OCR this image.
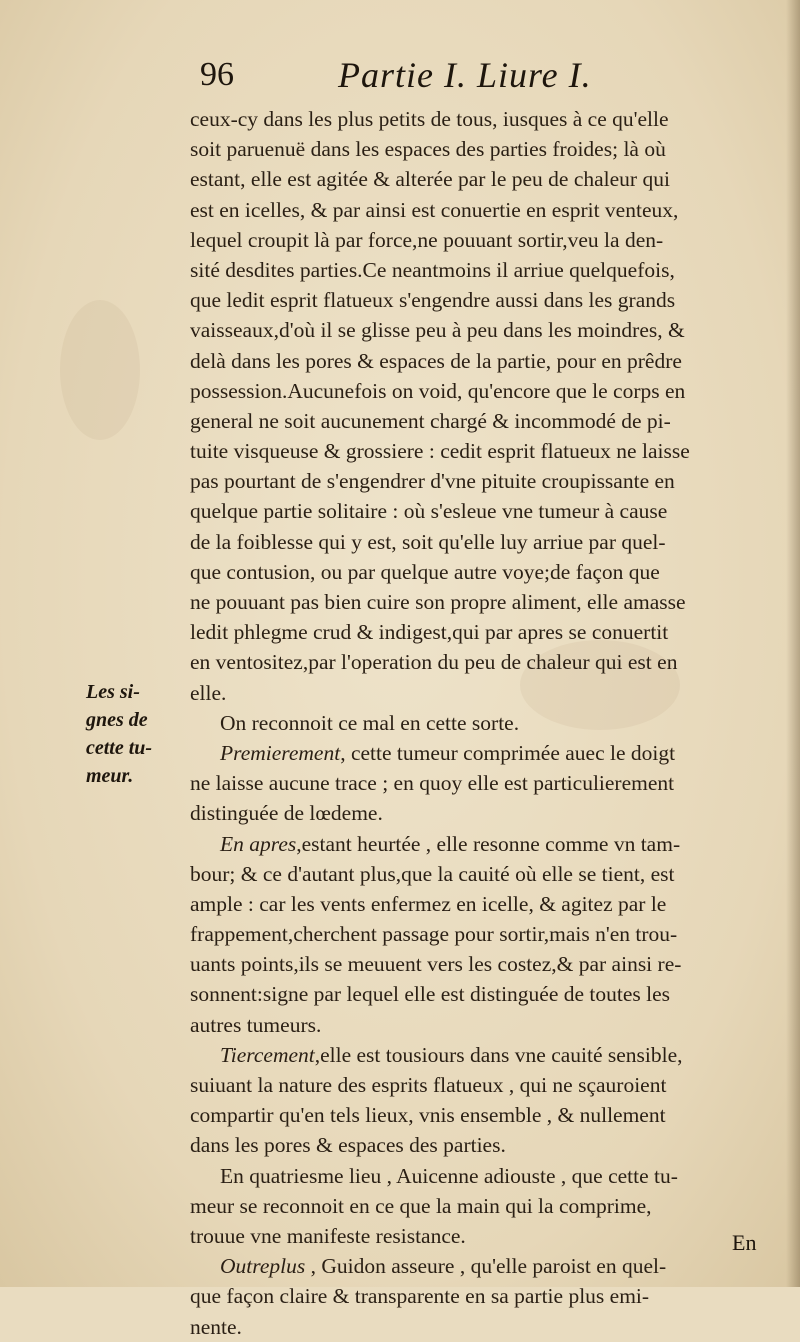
96	Partie I. Liure I.
ceux-cy dans les plus petits de tous, iusques à ce qu'elle
soit paruenuë dans les espaces des parties froides; là où
estant, elle est agitée & alterée par le peu de chaleur qui
est en icelles, & par ainsi est conuertie en esprit venteux,
lequel croupit là par force,ne pouuant sortir,veu la den-
sité desdites parties.Ce neantmoins il arriue quelquefois,
que ledit esprit flatueux s'engendre aussi dans les grands
vaisseaux,d'où il se glisse peu à peu dans les moindres, &
delà dans les pores & espaces de la partie, pour en prêdre
possession.Aucunefois on void, qu'encore que le corps en
general ne soit aucunement chargé & incommodé de pi-
tuite visqueuse & grossiere : cedit esprit flatueux ne laisse
pas pourtant de s'engendrer d'vne pituite croupissante en
quelque partie solitaire : où s'esleue vne tumeur à cause
de la foiblesse qui y est, soit qu'elle luy arriue par quel-
que contusion, ou par quelque autre voye;de façon que
ne pouuant pas bien cuire son propre aliment, elle amasse
ledit phlegme crud & indigest,qui par apres se conuertit
en ventositez,par l'operation du peu de chaleur qui est en
elle.
On reconnoit ce mal en cette sorte.
Premierement, cette tumeur comprimée auec le doigt
ne laisse aucune trace ; en quoy elle est particulierement
distinguée de lœdeme.
En apres,estant heurtée , elle resonne comme vn tam-
bour; & ce d'autant plus,que la cauité où elle se tient, est
ample : car les vents enfermez en icelle, & agitez par le
frappement,cherchent passage pour sortir,mais n'en trou-
uants points,ils se meuuent vers les costez,& par ainsi re-
sonnent:signe par lequel elle est distinguée de toutes les
autres tumeurs.
Tiercement,elle est tousiours dans vne cauité sensible,
suiuant la nature des esprits flatueux , qui ne sçauroient
compartir qu'en tels lieux, vnis ensemble , & nullement
dans les pores & espaces des parties.
En quatriesme lieu , Auicenne adiouste , que cette tu-
meur se reconnoit en ce que la main qui la comprime,
trouue vne manifeste resistance.
Outreplus , Guidon asseure , qu'elle paroist en quel-
que façon claire & transparente en sa partie plus emi-
nente.
Les si-
gnes de
cette tu-
meur.
En
